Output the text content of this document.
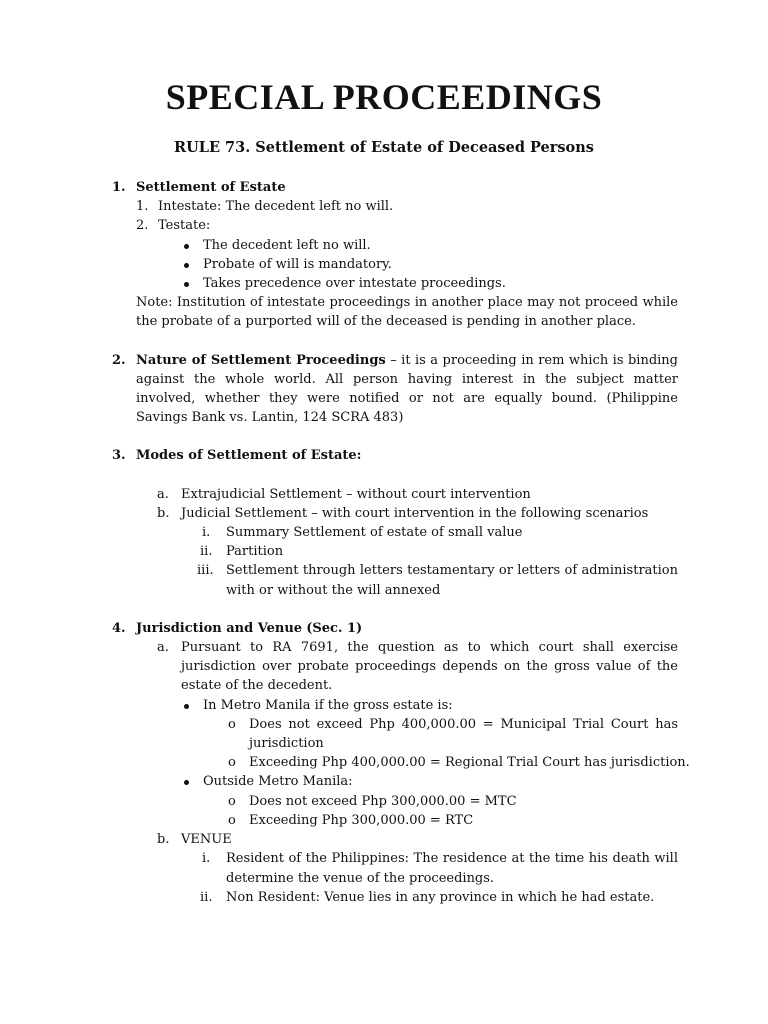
SPECIAL PROCEEDINGS
RULE 73. Settlement of Estate of Deceased Persons
1. Settlement of Estate
1. Intestate: The decedent left no will.
2. Testate:
The decedent left no will.
Probate of will is mandatory.
Takes precedence over intestate proceedings.
Note: Institution of intestate proceedings in another place may not proceed while the probate of a purported will of the deceased is pending in another place.
2. Nature of Settlement Proceedings – it is a proceeding in rem which is binding against the whole world. All person having interest in the subject matter involved, whether they were notified or not are equally bound. (Philippine Savings Bank vs. Lantin, 124 SCRA 483)
3. Modes of Settlement of Estate:
a. Extrajudicial Settlement – without court intervention
b. Judicial Settlement – with court intervention in the following scenarios
i. Summary Settlement of estate of small value
ii. Partition
iii. Settlement through letters testamentary or letters of administration with or without the will annexed
4. Jurisdiction and Venue (Sec. 1)
a. Pursuant to RA 7691, the question as to which court shall exercise jurisdiction over probate proceedings depends on the gross value of the estate of the decedent.
In Metro Manila if the gross estate is:
o Does not exceed Php 400,000.00 = Municipal Trial Court has jurisdiction
o Exceeding Php 400,000.00 = Regional Trial Court has jurisdiction.
Outside Metro Manila:
o Does not exceed Php 300,000.00 = MTC
o Exceeding Php 300,000.00 = RTC
b. VENUE
i. Resident of the Philippines: The residence at the time his death will determine the venue of the proceedings.
ii. Non Resident: Venue lies in any province in which he had estate.
